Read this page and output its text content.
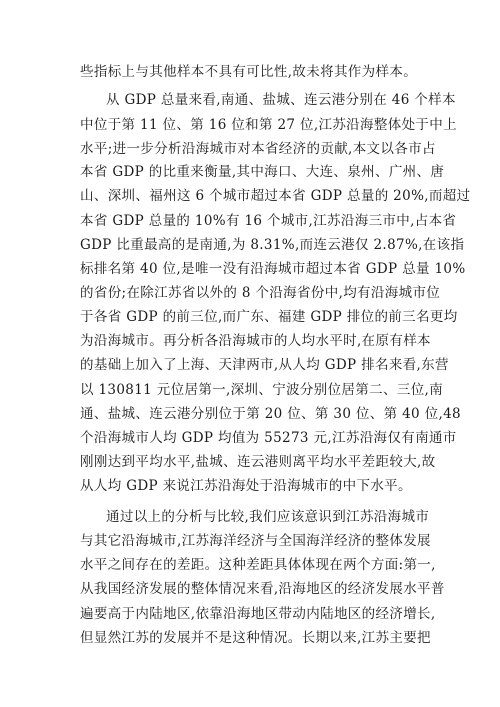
些指标上与其他样本不具有可比性,故未将其作为样本。
从 GDP 总量来看,南通、盐城、连云港分别在 46 个样本
中位于第 11 位、第 16 位和第 27 位,江苏沿海整体处于中上
水平;进一步分析沿海城市对本省经济的贡献,本文以各市占
本省 GDP 的比重来衡量,其中海口、大连、泉州、广州、唐
山、深圳、福州这 6 个城市超过本省 GDP 总量的 20%,而超过
本省 GDP 总量的 10%有 16 个城市,江苏沿海三市中,占本省
GDP 比重最高的是南通,为 8.31%,而连云港仅 2.87%,在该指
标排名第 40 位,是唯一没有沿海城市超过本省 GDP 总量 10%
的省份;在除江苏省以外的 8 个沿海省份中,均有沿海城市位
于各省 GDP 的前三位,而广东、福建 GDP 排位的前三名更均
为沿海城市。再分析各沿海城市的人均水平时,在原有样本
的基础上加入了上海、天津两市,从人均 GDP 排名来看,东营
以 130811 元位居第一,深圳、宁波分别位居第二、三位,南
通、盐城、连云港分别位于第 20 位、第 30 位、第 40 位,48
个沿海城市人均 GDP 均值为 55273 元,江苏沿海仅有南通市
刚刚达到平均水平,盐城、连云港则离平均水平差距较大,故
从人均 GDP 来说江苏沿海处于沿海城市的中下水平。
通过以上的分析与比较,我们应该意识到江苏沿海城市
与其它沿海城市,江苏海洋经济与全国海洋经济的整体发展
水平之间存在的差距。这种差距具体体现在两个方面:第一,
从我国经济发展的整体情况来看,沿海地区的经济发展水平普
遍要高于内陆地区,依靠沿海地区带动内陆地区的经济增长,
但显然江苏的发展并不是这种情况。长期以来,江苏主要把
